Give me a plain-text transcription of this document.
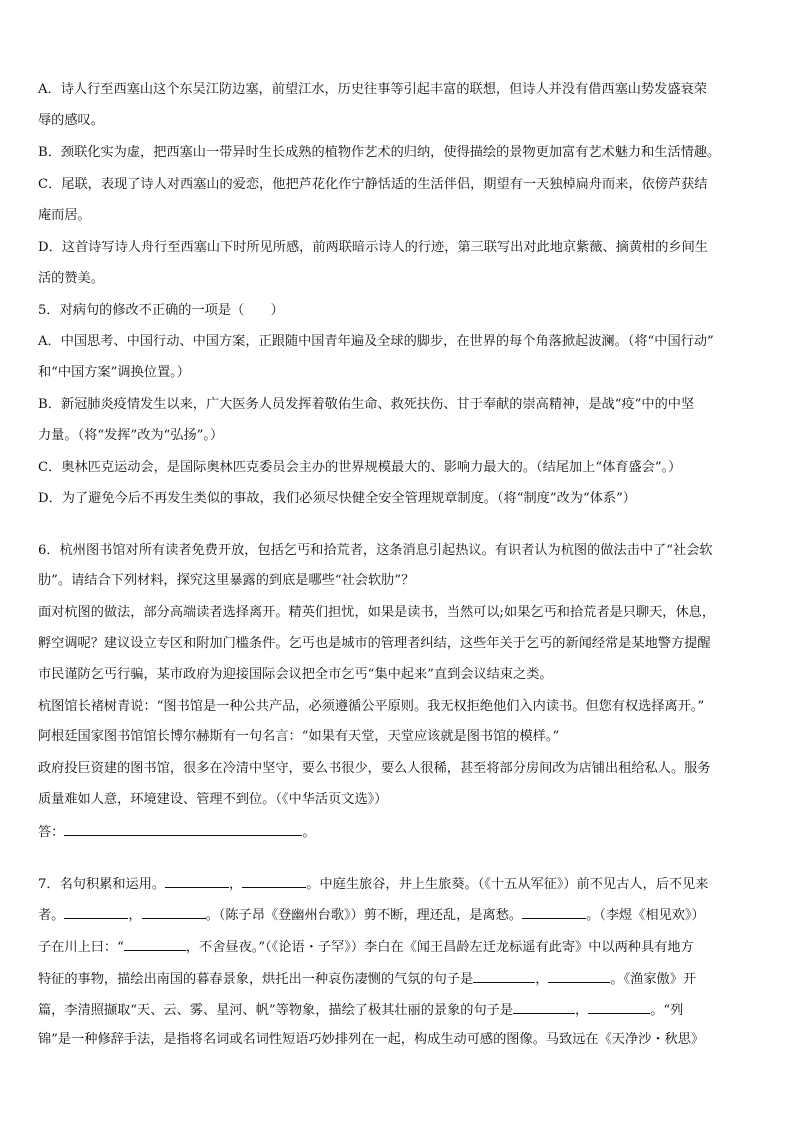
A．诗人行至西塞山这个东吴江防边塞，前望江水，历史往事等引起丰富的联想，但诗人并没有借西塞山势发盛衰荣
辱的感叹。
B．颈联化实为虚，把西塞山一带异时生长成熟的植物作艺术的归纳，使得描绘的景物更加富有艺术魅力和生活情趣。
C．尾联，表现了诗人对西塞山的爱恋，他把芦花化作宁静恬适的生活伴侣，期望有一天独棹扁舟而来，依傍芦获结
庵而居。
D．这首诗写诗人舟行至西塞山下时所见所感，前两联暗示诗人的行迹，第三联写出对此地京紫薇、摘黄柑的乡间生
活的赞美。
5．对病句的修改不正确的一项是（　　）
A．中国思考、中国行动、中国方案，正跟随中国青年遍及全球的脚步，在世界的每个角落掀起波澜。（将“中国行动”
和“中国方案”调换位置。）
B．新冠肺炎疫情发生以来，广大医务人员发挥着敬佑生命、救死扶伤、甘于奉献的崇高精神，是战“疫”中的中坚
力量。（将“发挥”改为“弘扬”。）
C．奥林匹克运动会，是国际奥林匹克委员会主办的世界规模最大的、影响力最大的。（结尾加上“体育盛会”。）
D．为了避免今后不再发生类似的事故，我们必须尽快健全安全管理规章制度。（将“制度”改为“体系”）
6．杭州图书馆对所有读者免费开放，包括乞丐和拾荒者，这条消息引起热议。有识者认为杭图的做法击中了“社会软
肋”。请结合下列材料，探究这里暴露的到底是哪些“社会软肋”？
面对杭图的做法，部分高端读者选择离开。精英们担忧，如果是读书，当然可以;如果乞丐和拾荒者是只聊天，休息，
孵空调呢？建议设立专区和附加门槛条件。乞丐也是城市的管理者纠结，这些年关于乞丐的新闻经常是某地警方提醒
市民谨防乞丐行骗，某市政府为迎接国际会议把全市乞丐“集中起来”直到会议结束之类。
杭图馆长褚树青说：“图书馆是一种公共产品，必须遵循公平原则。我无权拒绝他们入内读书。但您有权选择离开。”
阿根廷国家图书馆馆长博尔赫斯有一句名言：“如果有天堂，天堂应该就是图书馆的模样。”
政府投巨资建的图书馆，很多在冷清中坚守，要么书很少，要么人很稀，甚至将部分房间改为店铺出租给私人。服务
质量难如人意，环境建设、管理不到位。（《中华活页文选》）
答：	。
7．名句积累和运用。	，	。中庭生旅谷，井上生旅葵。（《十五从军征》）前不见古人，后不见来
者。	，	。（陈子昂《登幽州台歌》）剪不断，理还乱，是离愁。	。（李煜《相见欢》）
子在川上曰：“	，不舍昼夜。”（《论语・子罕》）李白在《闻王昌龄左迁龙标遥有此寄》中以两种具有地方
特征的事物，描绘出南国的暮春景象，烘托出一种哀伤凄恻的气氛的句子是	，	。《渔家傲》开
篇，李清照撷取“天、云、雾、星河、帆”等物象，描绘了极其壮丽的景象的句子是	，	。“列
锦”是一种修辞手法，是指将名词或名词性短语巧妙排列在一起，构成生动可感的图像。马致远在《天净沙・秋思》
